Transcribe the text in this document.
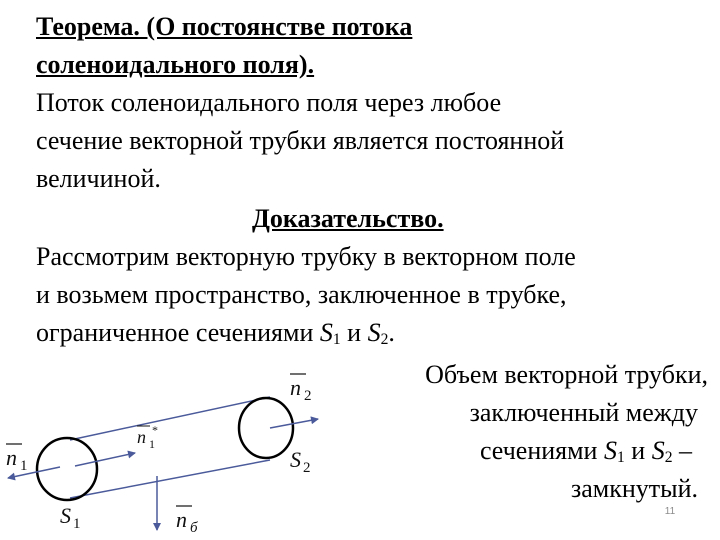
Теорема. (О постоянстве потока
соленоидального поля).
Поток соленоидального поля через любое
сечение векторной трубки является постоянной
величиной.
Доказательство.
Рассмотрим векторную трубку в векторном поле
и возьмем пространство, заключенное в трубке,
ограниченное сечениями $S_1$ и $S_2$.
Объем векторной трубки,
заключенный между
сечениями $S_1$ и $S_2$ –
замкнутый.
n 1
n 1
*
n 2
S 2
S 1	n б
11
